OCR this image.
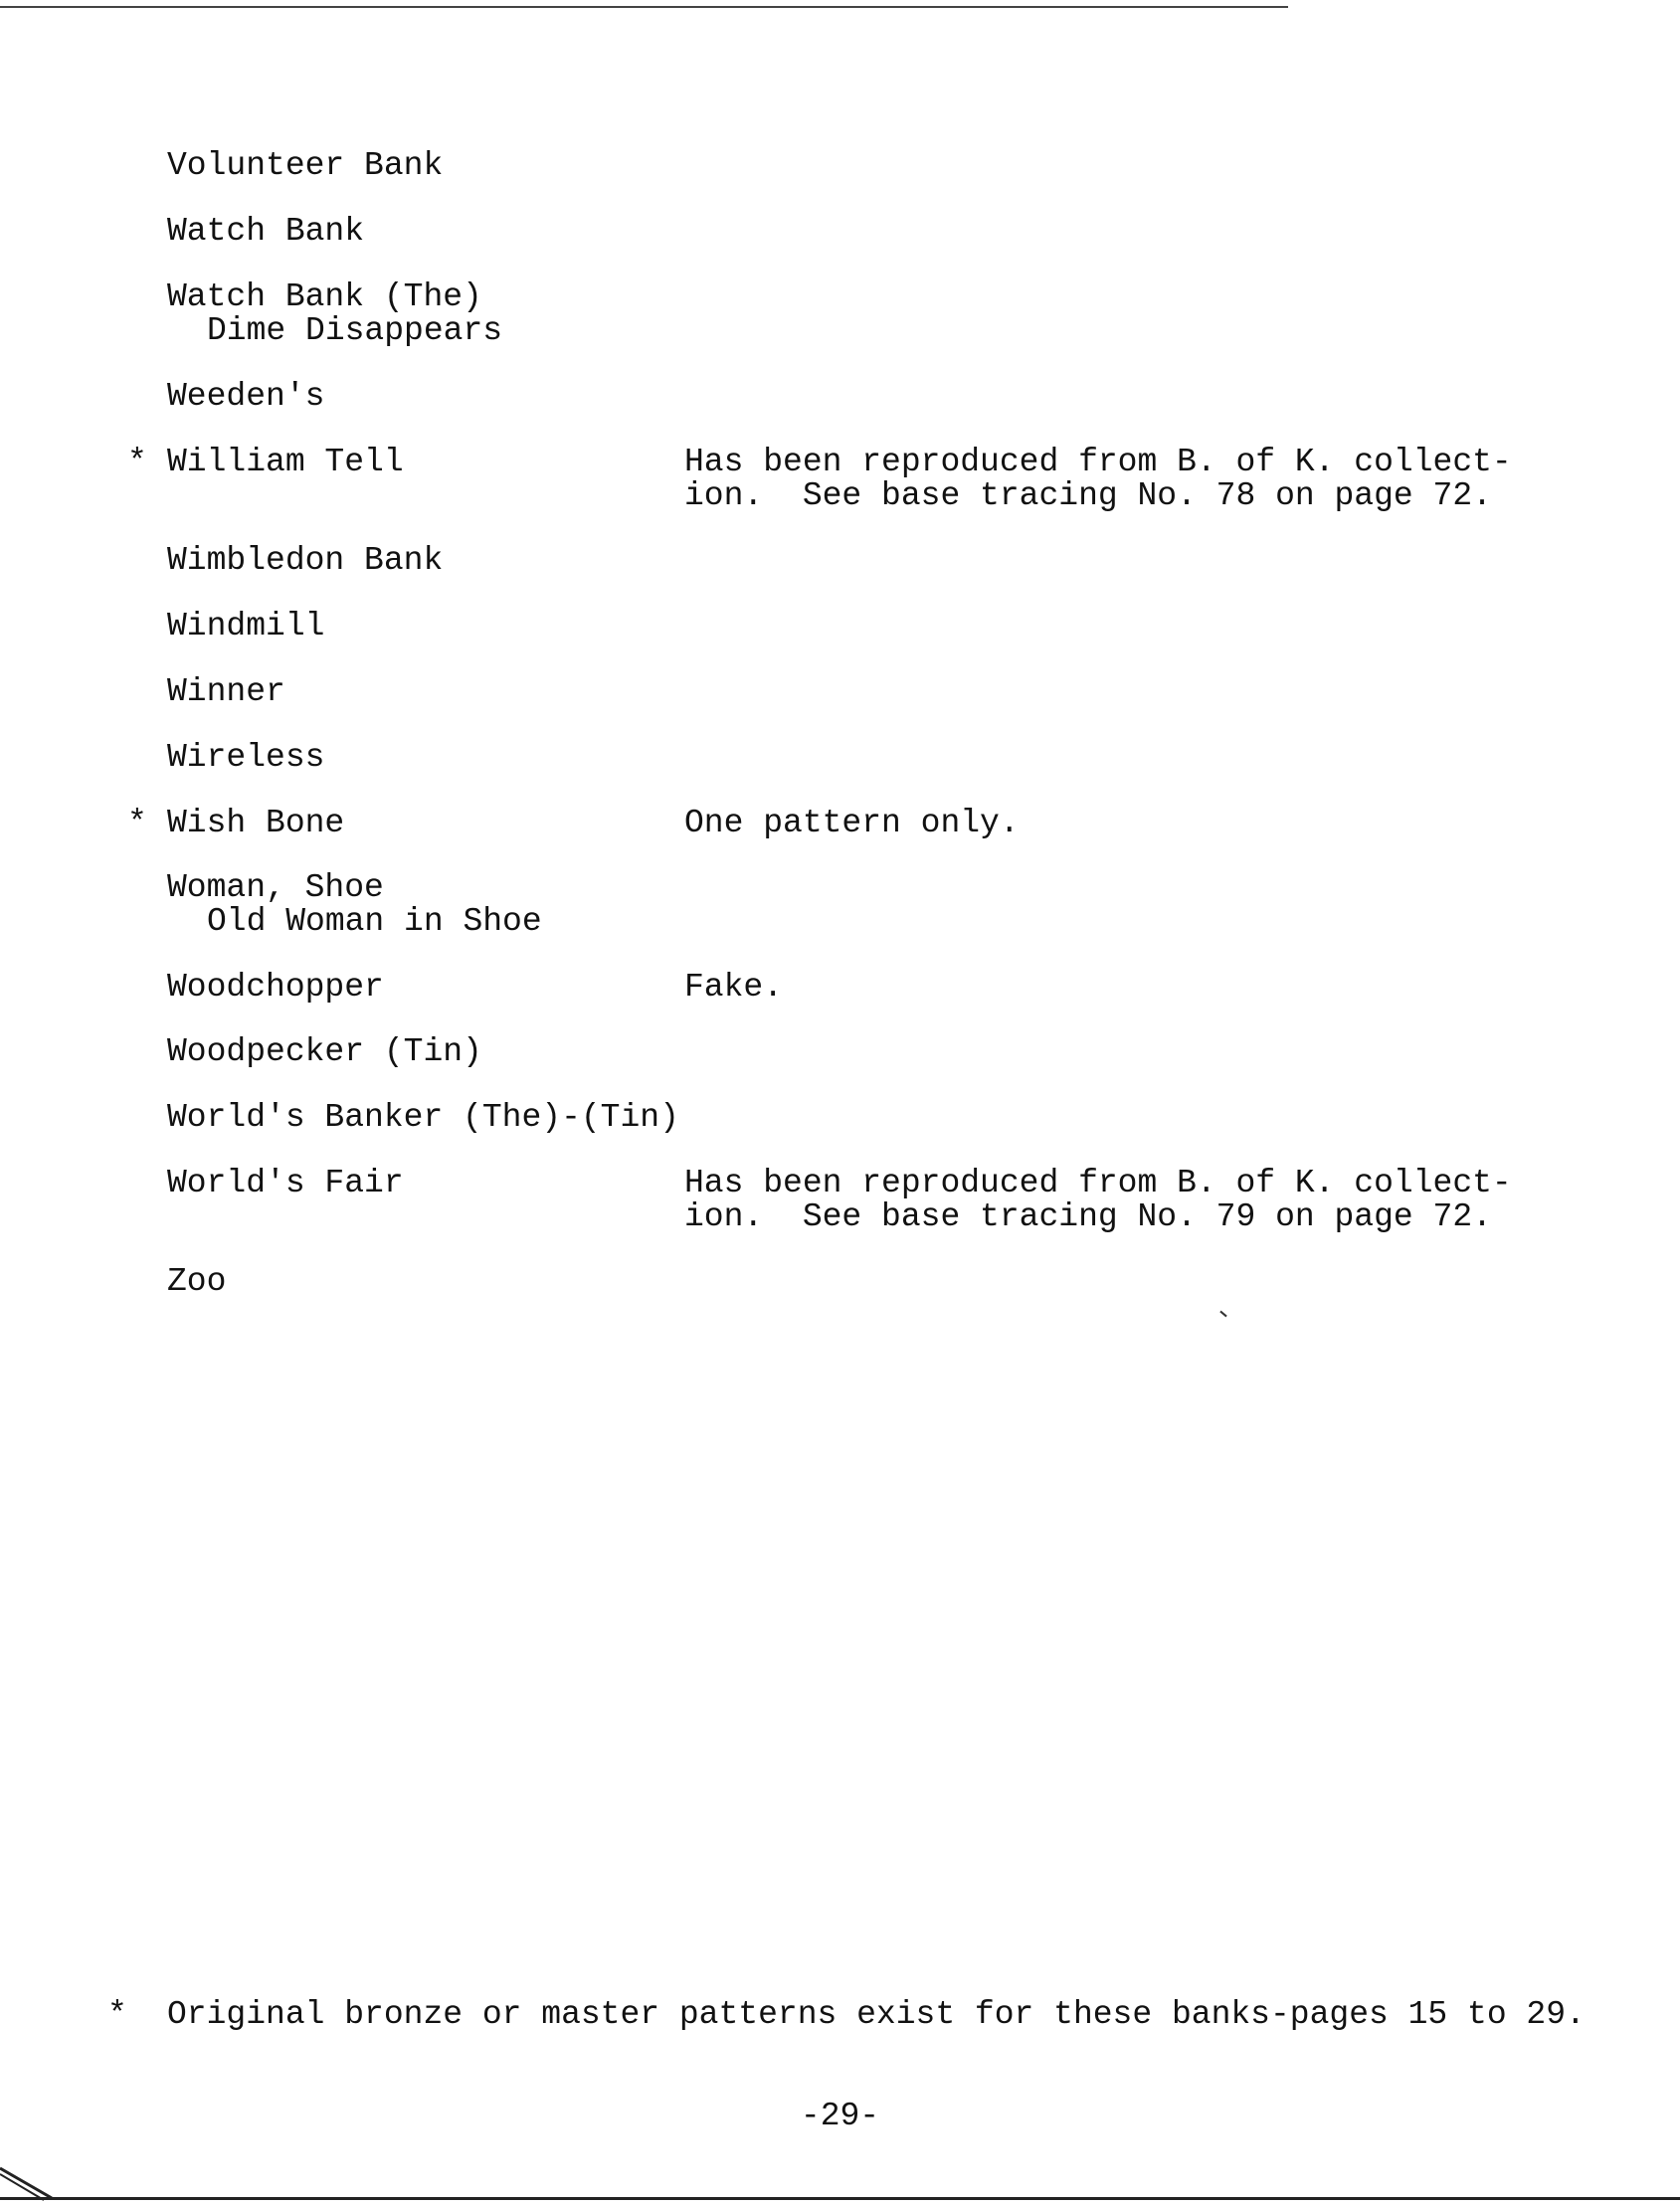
Volunteer Bank
Watch Bank
Watch Bank (The)
Dime Disappears
Weeden's
* William Tell	Has been reproduced from B. of K. collect-
ion.  See base tracing No. 78 on page 72.
Wimbledon Bank
Windmill
Winner
Wireless
* Wish Bone	One pattern only.
Woman, Shoe
Old Woman in Shoe
Woodchopper	Fake.
Woodpecker (Tin)
World's Banker (The)-(Tin)
World's Fair	Has been reproduced from B. of K. collect-
ion.  See base tracing No. 79 on page 72.
Zoo

*

Original bronze or master patterns exist for these banks-pages 15 to 29.

-29-
